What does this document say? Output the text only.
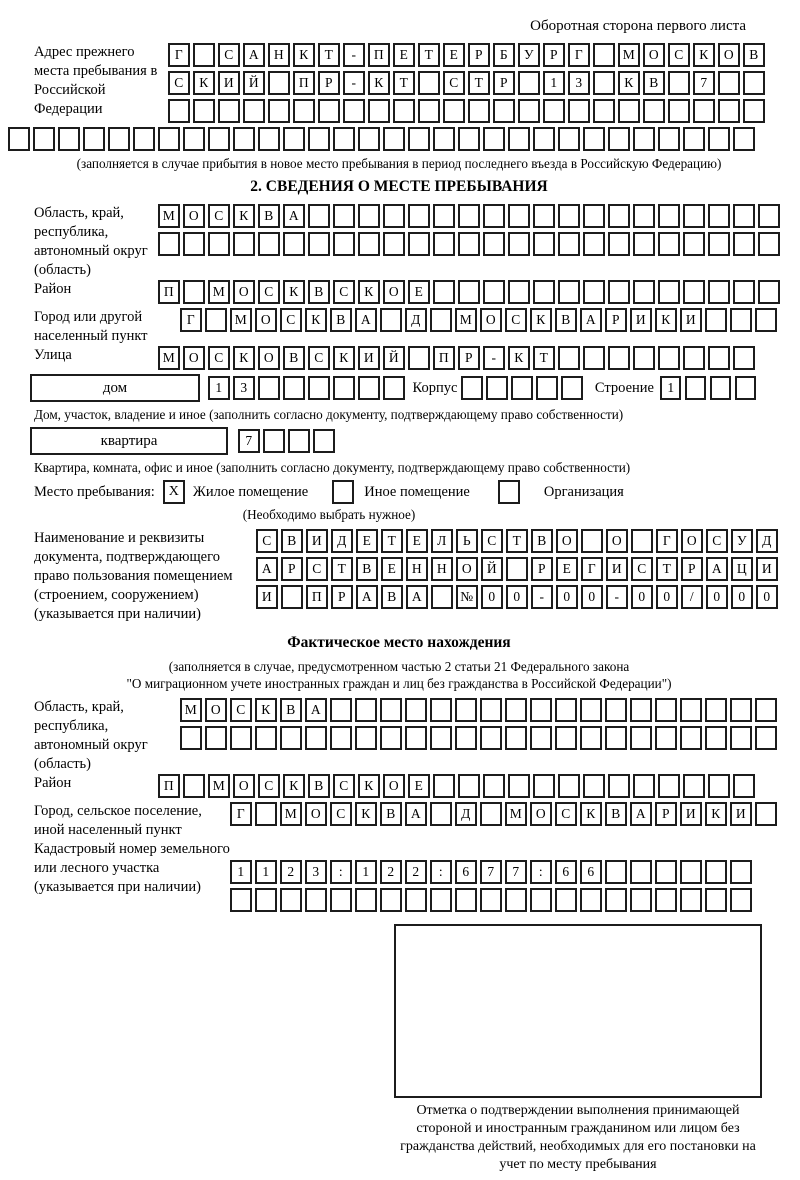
Оборотная сторона первого листа
Адрес прежнего места пребывания в Российской Федерации
Г	С	А	Н	К	Т	-	П	Е	Т	Е	Р	Б	У	Р	Г	М	О	С	К	О	В
С	К	И	Й	П	Р	-	К	Т	С	Т	Р	1	3	К	В	7
(заполняется в случае прибытия в новое место пребывания в период последнего въезда в Российскую Федерацию)
2. СВЕДЕНИЯ О МЕСТЕ ПРЕБЫВАНИЯ
Область, край, республика, автономный округ (область)
М	О	С	К	В	А
Район	П	М	О	С	К	В	С	К	О	Е
Город или другой населенный пункт
Г	М	О	С	К	В	А	Д	М	О	С	К	В	А	Р	И	К	И
Улица	М	О	С	К	О	В	С	К	И	Й	П	Р	-	К	Т
дом	1	3	Корпус	Строение 1
Дом, участок, владение и иное (заполнить согласно документу, подтверждающему право собственности)
квартира	7
Квартира, комната, офис и иное (заполнить согласно документу, подтверждающему право собственности)
Место пребывания: X Жилое помещение	Иное помещение	Организация
(Необходимо выбрать нужное)
Наименование и реквизиты документа, подтверждающего право пользования помещением (строением, сооружением) (указывается при наличии)
С	В	И	Д	Е	Т	Е	Л	Ь	С	Т	В	О	О	Г	О	С	У	Д
А	Р	С	Т	В	Е	Н	Н	О	Й	Р	Е	Г	И	С	Т	Р	А	Ц	И
И	П	Р	А	В	А	№	0	0	-	0	0	-	0	0	/	0	0	0
Фактическое место нахождения
(заполняется в случае, предусмотренном частью 2 статьи 21 Федерального закона
"О миграционном учете иностранных граждан и лиц без гражданства в Российской Федерации")
Область, край, республика, автономный округ (область)
М	О	С	К	В	А
Район	П	М	О	С	К	В	С	К	О	Е
Город, сельское поселение, иной населенный пункт
Г	М	О	С	К	В	А	Д	М	О	С	К	В	А	Р	И	К	И
Кадастровый номер земельного или лесного участка (указывается при наличии)
1	1	2	3	:	1	2	2	:	6	7	7	:	6	6
Отметка о подтверждении выполнения принимающей стороной и иностранным гражданином или лицом без гражданства действий, необходимых для его постановки на учет по месту пребывания
